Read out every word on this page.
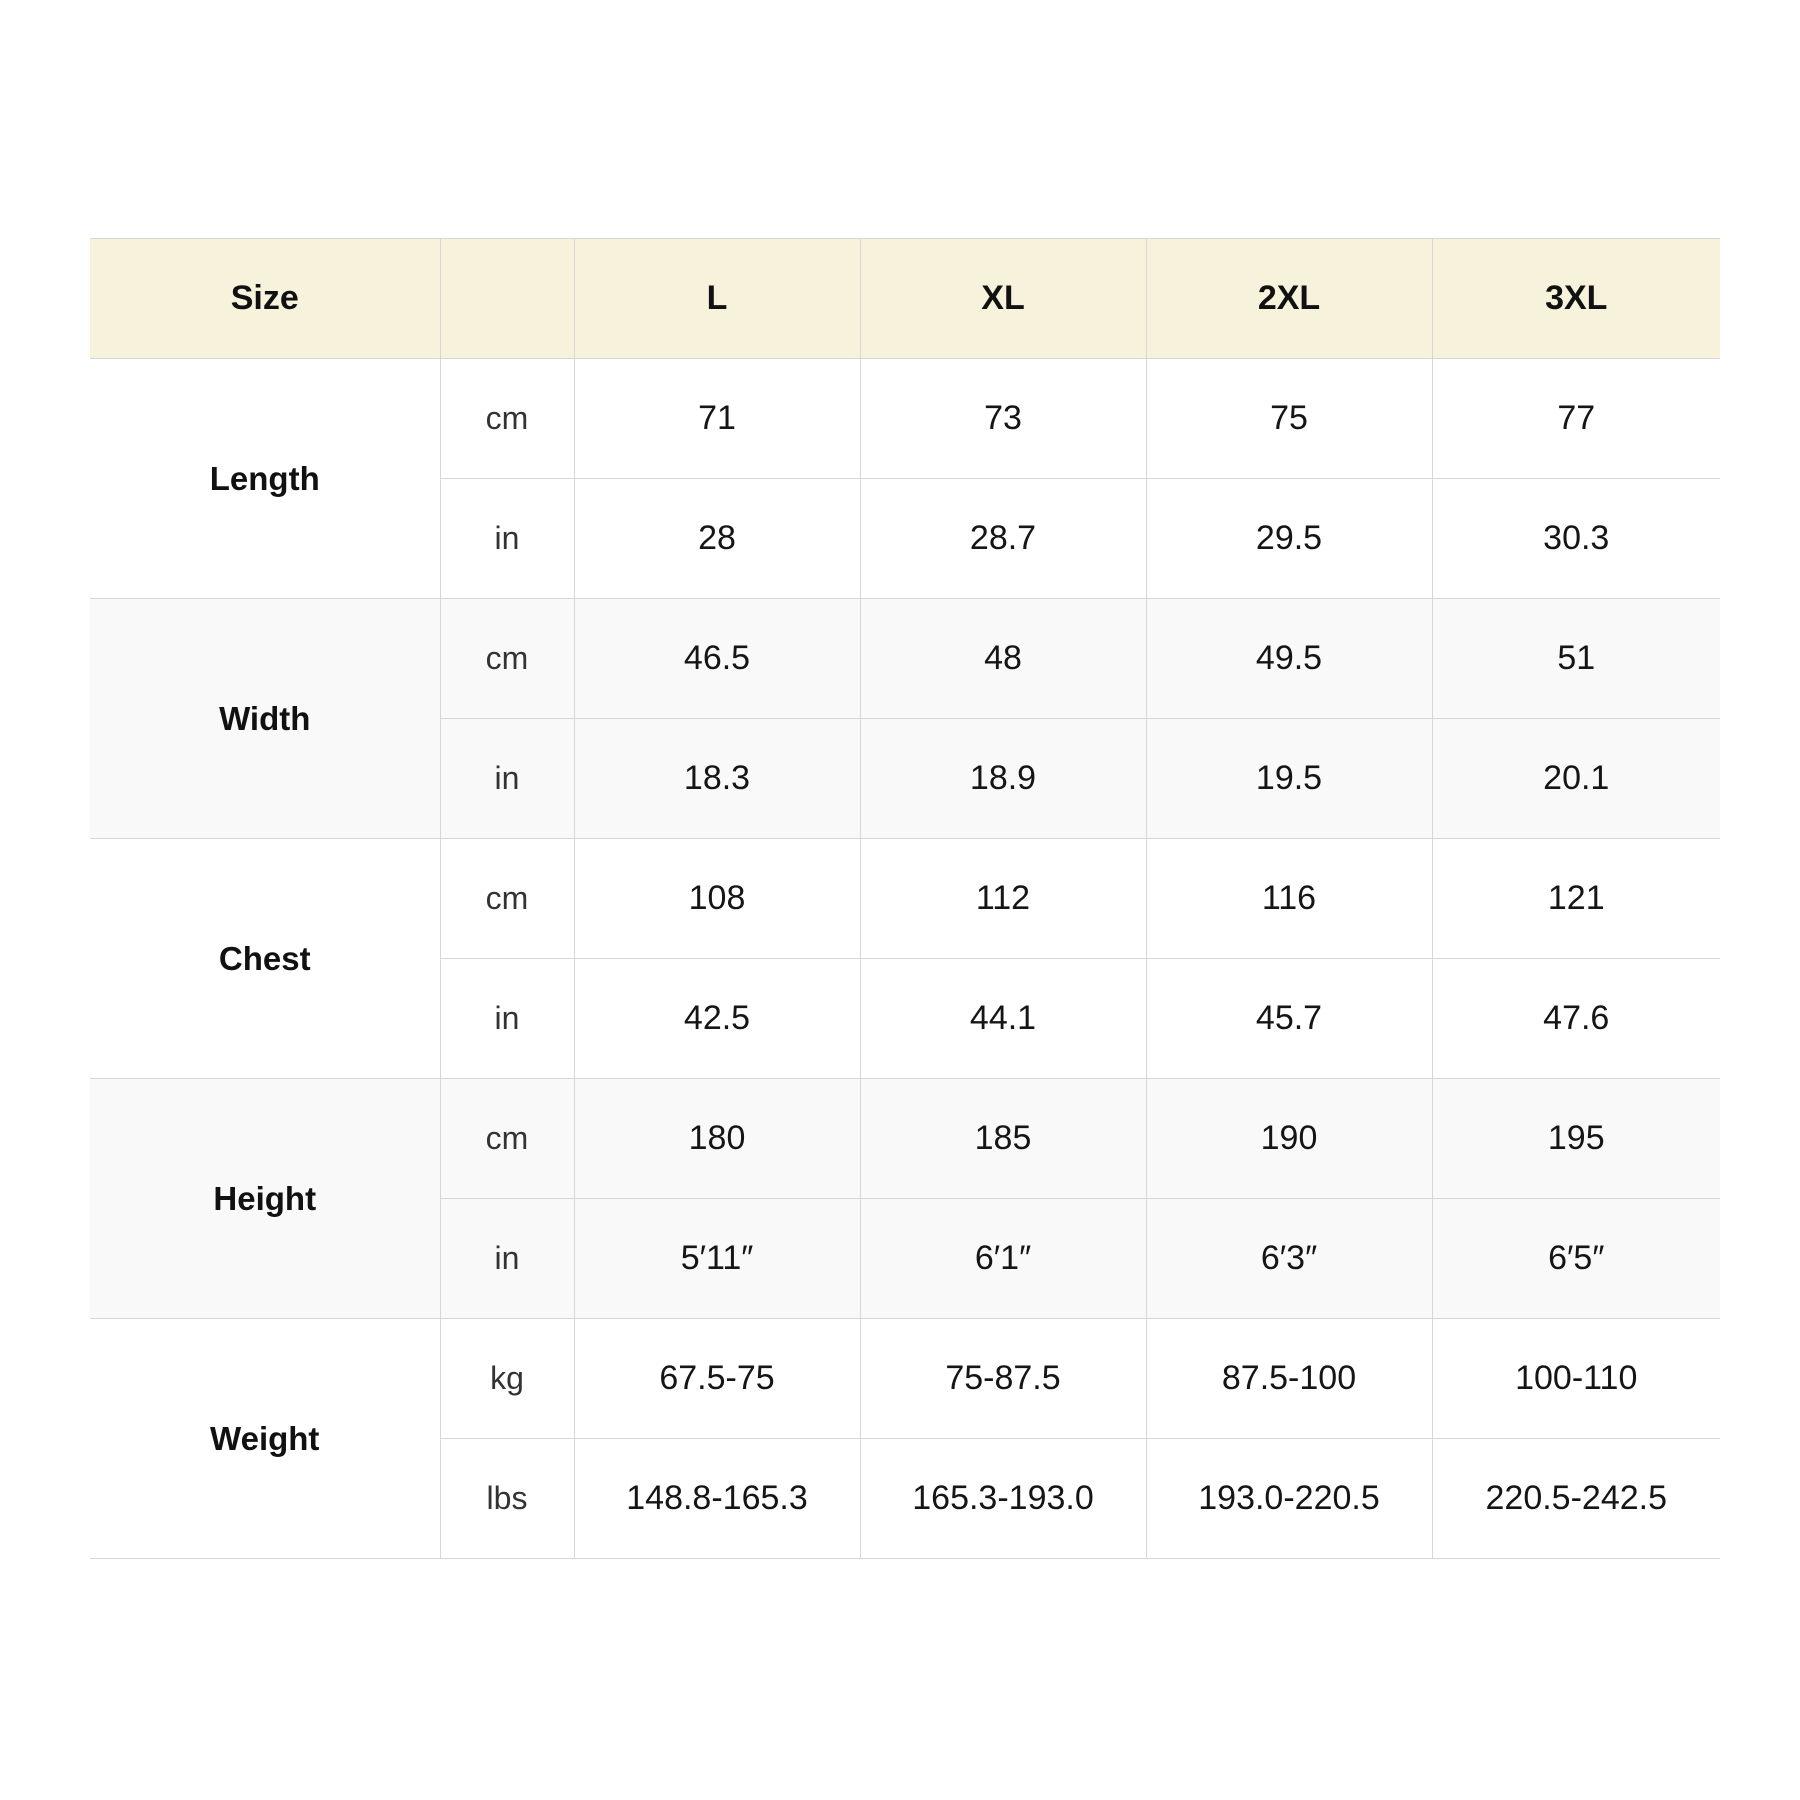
Size		L	XL	2XL	3XL
Length	cm	71	73	75	77
	in	28	28.7	29.5	30.3
Width	cm	46.5	48	49.5	51
	in	18.3	18.9	19.5	20.1
Chest	cm	108	112	116	121
	in	42.5	44.1	45.7	47.6
Height	cm	180	185	190	195
	in	5′11″	6′1″	6′3″	6′5″
Weight	kg	67.5-75	75-87.5	87.5-100	100-110
	lbs	148.8-165.3	165.3-193.0	193.0-220.5	220.5-242.5
